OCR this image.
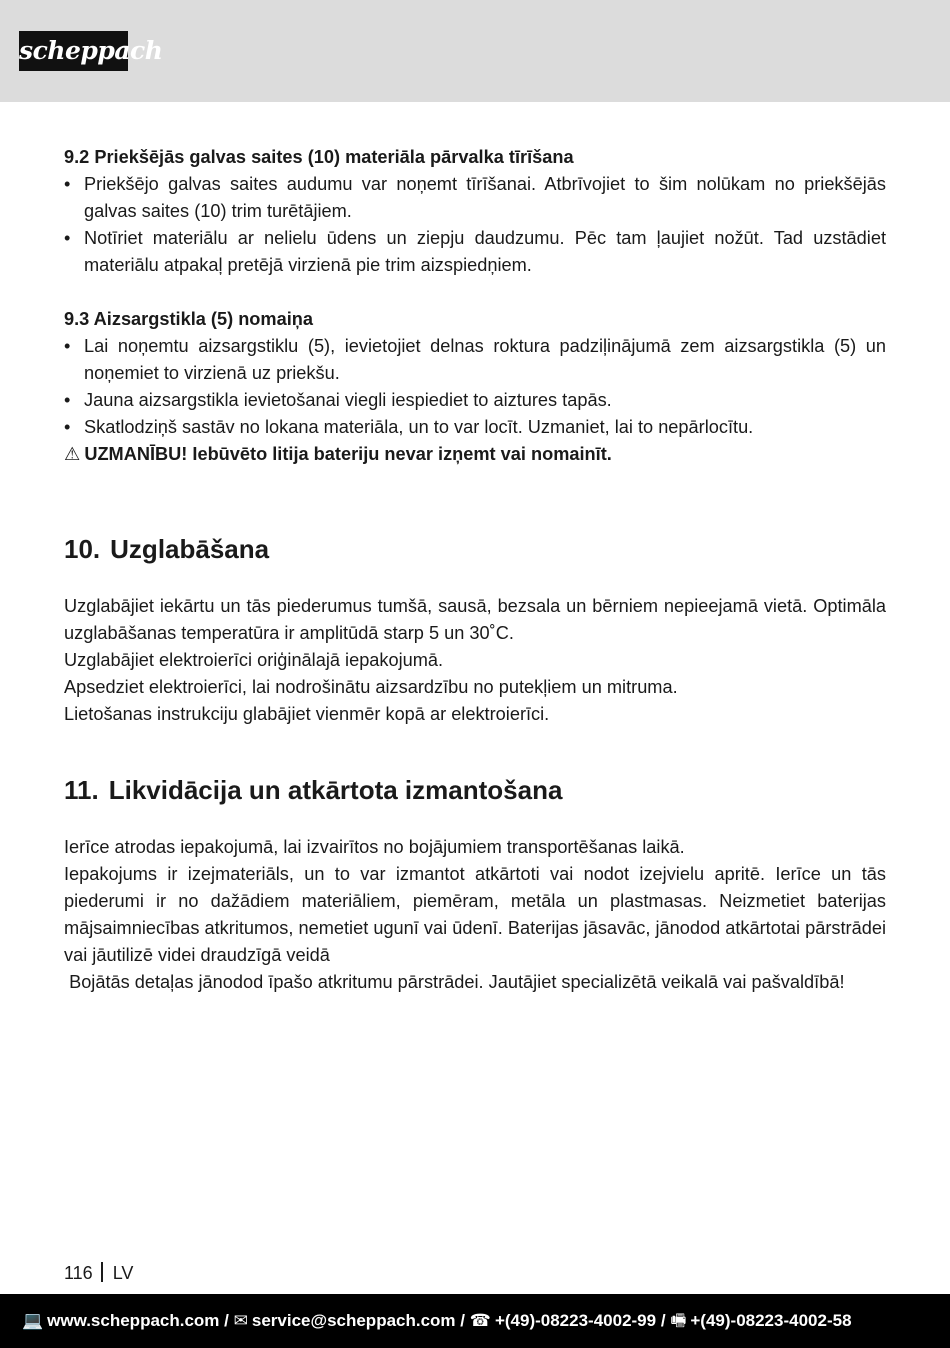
scheppach

9.2 Priekšējās galvas saites (10) materiāla pārvalka tīrīšana

• Priekšējo galvas saites audumu var noņemt tīrīšanai. Atbrīvojiet to šim nolūkam no priekšējās galvas saites (10) trim turētājiem.
• Notīriet materiālu ar nelielu ūdens un ziepju daudzumu. Pēc tam ļaujiet nožūt. Tad uzstādiet materiālu atpakaļ pretējā virzienā pie trim aizspiedņiem.

9.3 Aizsargstikla (5) nomaiņa

• Lai noņemtu aizsargstiklu (5), ievietojiet delnas roktura padziļinājumā zem aizsargstikla (5) un noņemiet to virzienā uz priekšu.
• Jauna aizsargstikla ievietošanai viegli iespiediet to aiztures tapās.
• Skatlodziņš sastāv no lokana materiāla, un to var locīt. Uzmaniet, lai to nepārlocītu.

⚠ UZMANĪBU! Iebūvēto litija bateriju nevar izņemt vai nomainīt.

10. Uzglabāšana

Uzglabājiet iekārtu un tās piederumus tumšā, sausā, bezsala un bērniem nepieejamā vietā. Optimāla uzglabāšanas temperatūra ir amplitūdā starp 5 un 30˚C.

Uzglabājiet elektroierīci oriģinālajā iepakojumā.

Apsedziet elektroierīci, lai nodrošinātu aizsardzību no putekļiem un mitruma.

Lietošanas instrukciju glabājiet vienmēr kopā ar elektroierīci.

11. Likvidācija un atkārtota izmantošana

Ierīce atrodas iepakojumā, lai izvairītos no bojājumiem transportēšanas laikā.

Iepakojums ir izejmateriāls, un to var izmantot atkārtoti vai nodot izejvielu apritē. Ierīce un tās piederumi ir no dažādiem materiāliem, piemēram, metāla un plastmasas. Neizmetiet baterijas mājsaimniecības atkritumos, nemetiet ugunī vai ūdenī. Baterijas jāsavāc, jānodod atkārtotai pārstrādei vai jāutilizē videi draudzīgā veidā

Bojātās detaļas jānodod īpašo atkritumu pārstrādei. Jautājiet specializētā veikalā vai pašvaldībā!

116 LV
💻 www.scheppach.com / ✉ service@scheppach.com / ☎ +(49)-08223-4002-99 / 🖷 +(49)-08223-4002-58
